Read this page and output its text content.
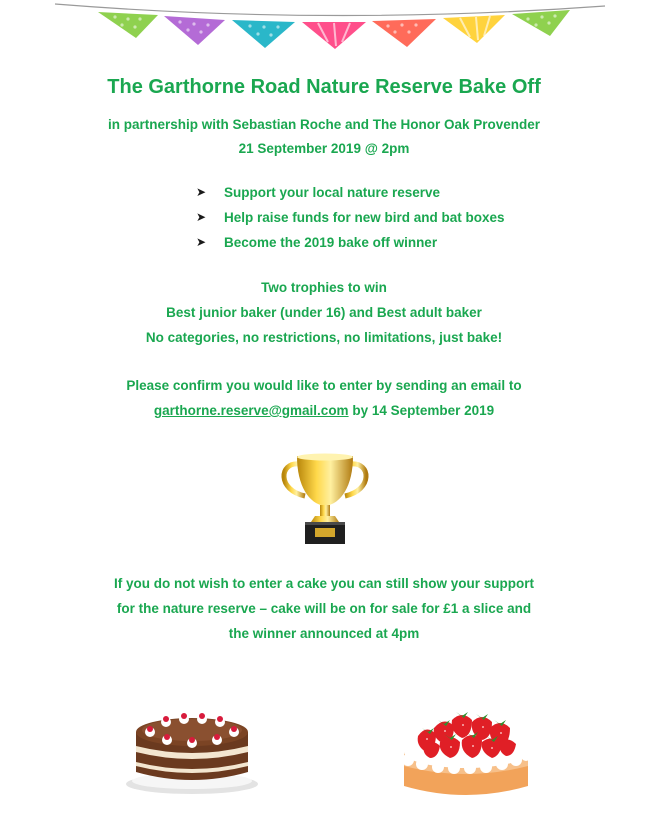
The Garthorne Road Nature Reserve Bake Off
in partnership with Sebastian Roche and The Honor Oak Provender
21 September 2019 @ 2pm
➤	Support your local nature reserve
➤	Help raise funds for new bird and bat boxes
➤	Become the 2019 bake off winner
Two trophies to win
Best junior baker (under 16) and Best adult baker
No categories, no restrictions, no limitations, just bake!
Please confirm you would like to enter by sending an email to
garthorne.reserve@gmail.com by 14 September 2019
If you do not wish to enter a cake you can still show your support
for the nature reserve – cake will be on for sale for £1 a slice and
the winner announced at 4pm
